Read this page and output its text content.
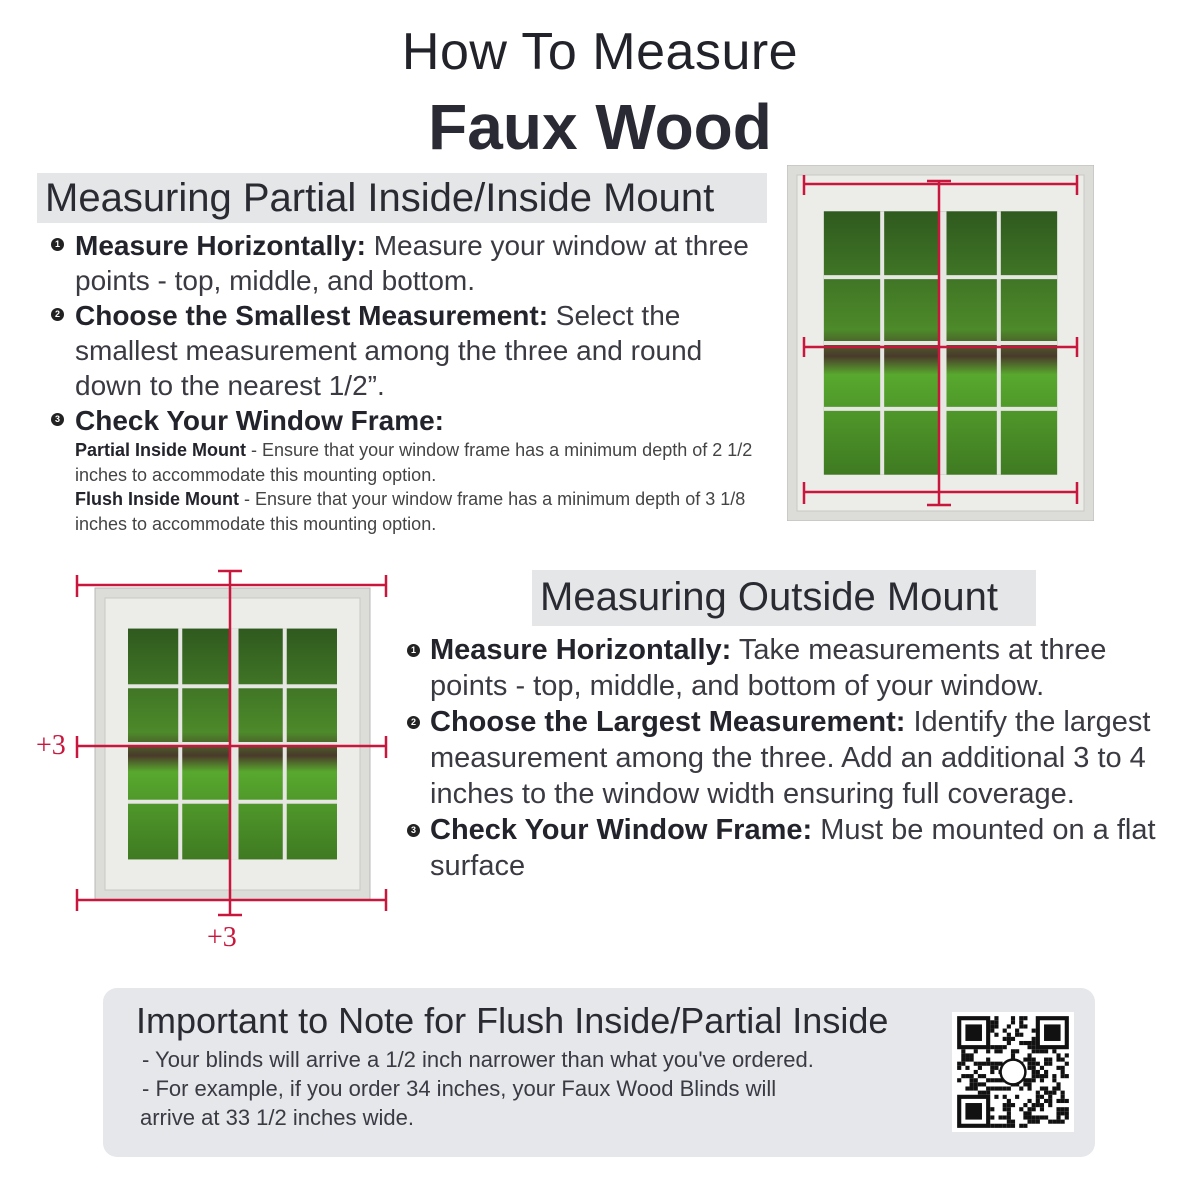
How To Measure
Faux Wood
Measuring Partial Inside/Inside Mount
1 Measure Horizontally: Measure your window at three points - top, middle, and bottom.
2 Choose the Smallest Measurement: Select the smallest measurement among the three and round down to the nearest 1/2”.
3 Check Your Window Frame:
Partial Inside Mount - Ensure that your window frame has a minimum depth of 2 1/2 inches to accommodate this mounting option.
Flush Inside Mount - Ensure that your window frame has a minimum depth of 3 1/8 inches to accommodate this mounting option.
+3
+3
Measuring Outside Mount
1 Measure Horizontally: Take measurements at three points - top, middle, and bottom of your window.
2 Choose the Largest Measurement: Identify the largest measurement among the three. Add an additional 3 to 4 inches to the window width ensuring full coverage.
3 Check Your Window Frame: Must be mounted on a flat surface
Important to Note for Flush Inside/Partial Inside
- Your blinds will arrive a 1/2 inch narrower than what you've ordered.
- For example, if you order 34 inches, your Faux Wood Blinds will
arrive at 33 1/2 inches wide.
